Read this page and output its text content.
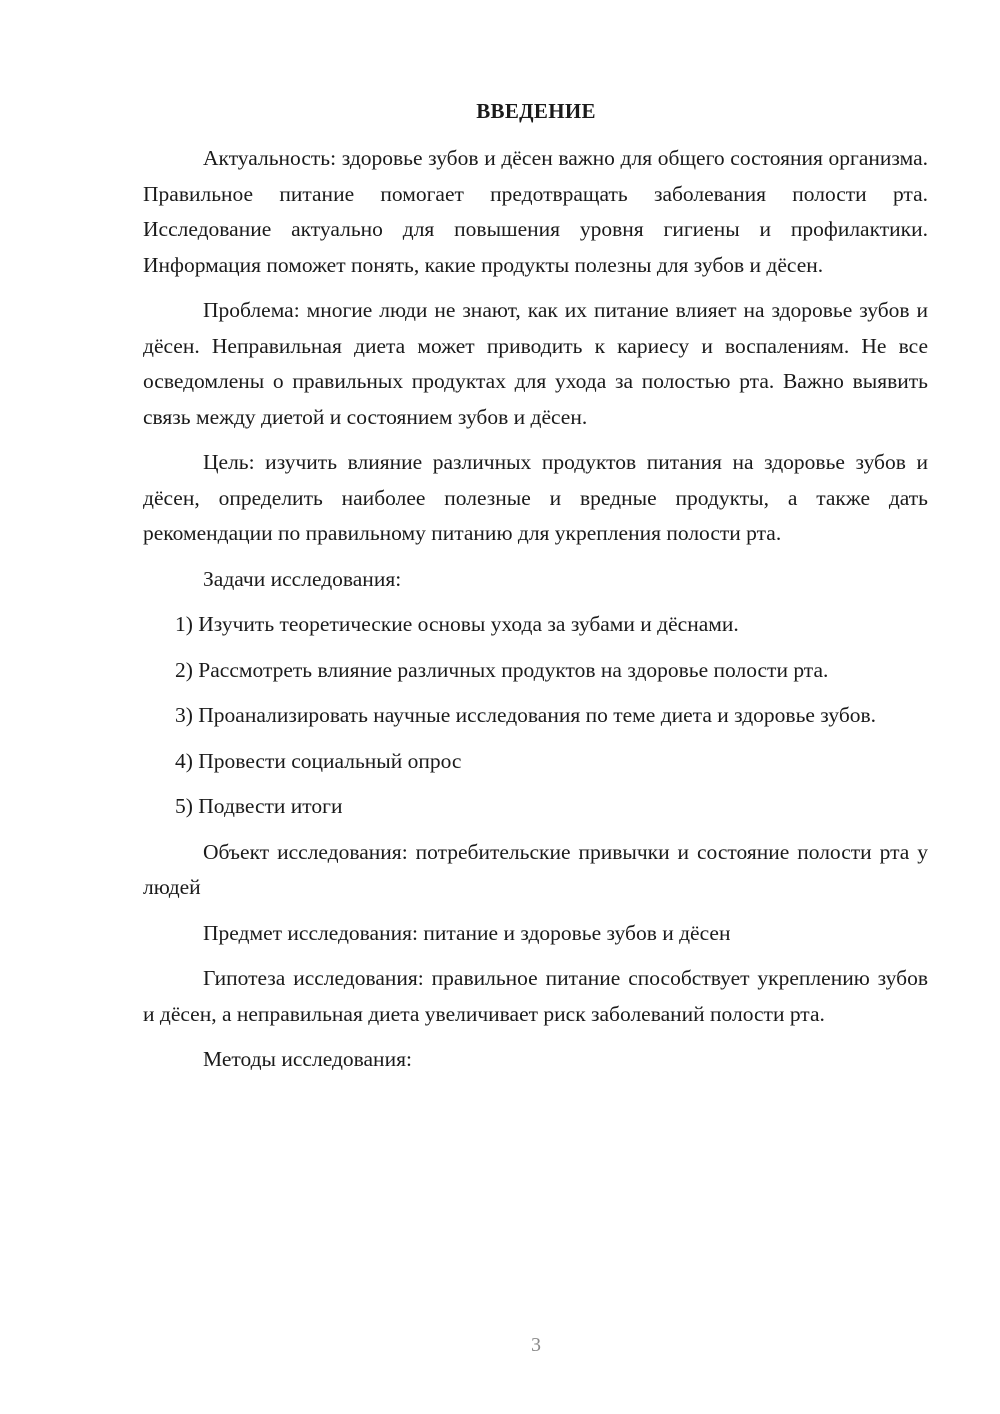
ВВЕДЕНИЕ

Актуальность: здоровье зубов и дёсен важно для общего состояния организма. Правильное питание помогает предотвращать заболевания полости рта. Исследование актуально для повышения уровня гигиены и профилактики. Информация поможет понять, какие продукты полезны для зубов и дёсен.

Проблема: многие люди не знают, как их питание влияет на здоровье зубов и дёсен. Неправильная диета может приводить к кариесу и воспалениям. Не все осведомлены о правильных продуктах для ухода за полостью рта. Важно выявить связь между диетой и состоянием зубов и дёсен.

Цель: изучить влияние различных продуктов питания на здоровье зубов и дёсен, определить наиболее полезные и вредные продукты, а также дать рекомендации по правильному питанию для укрепления полости рта.

Задачи исследования:

1) Изучить теоретические основы ухода за зубами и дёснами.

2) Рассмотреть влияние различных продуктов на здоровье полости рта.

3) Проанализировать научные исследования по теме диета и здоровье зубов.

4) Провести социальный опрос

5) Подвести итоги

Объект исследования: потребительские привычки и состояние полости рта у людей

Предмет исследования: питание и здоровье зубов и дёсен

Гипотеза исследования: правильное питание способствует укреплению зубов и дёсен, а неправильная диета увеличивает риск заболеваний полости рта.

Методы исследования:

3
